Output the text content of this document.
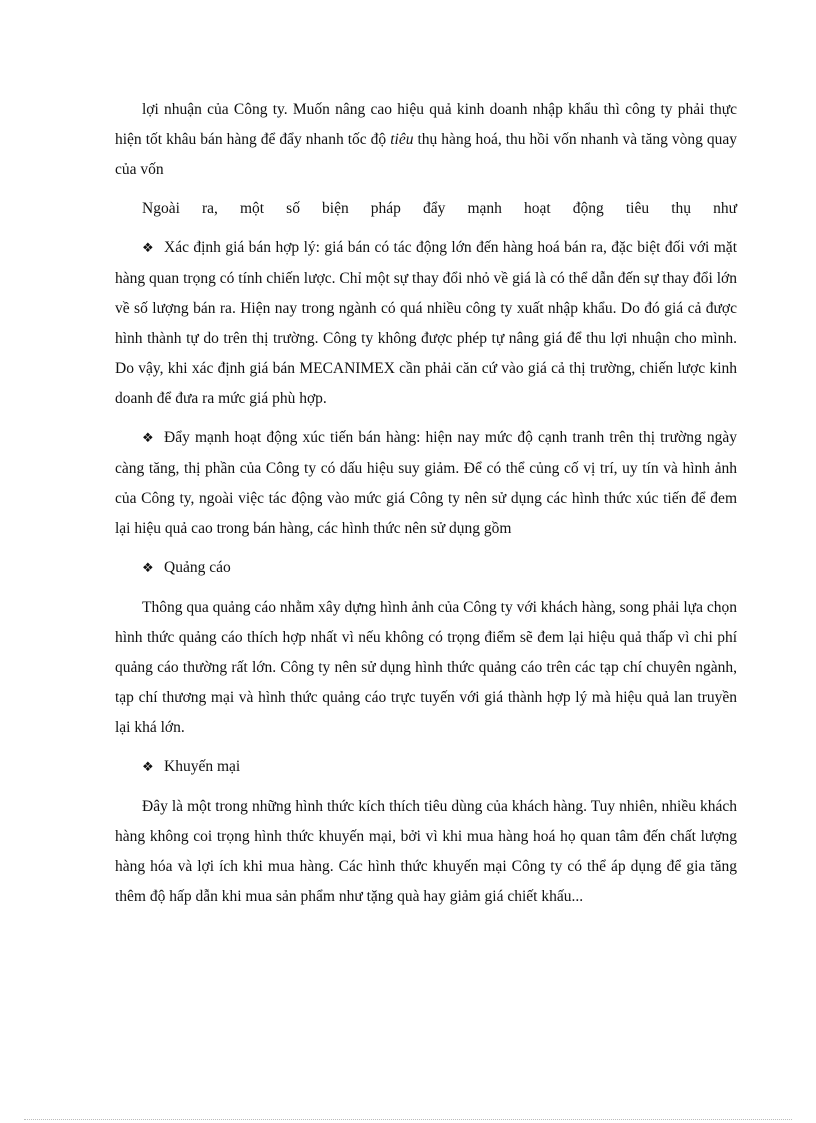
lợi nhuận của Công ty. Muốn nâng cao hiệu quả kinh doanh nhập khẩu thì công ty phải thực hiện tốt khâu bán hàng để đẩy nhanh tốc độ tiêu thụ hàng hoá, thu hồi vốn nhanh và tăng vòng quay của vốn

Ngoài ra, một số biện pháp đẩy mạnh hoạt động tiêu thụ như

❖ Xác định giá bán hợp lý: giá bán có tác động lớn đến hàng hoá bán ra, đặc biệt đối với mặt hàng quan trọng có tính chiến lược. Chỉ một sự thay đổi nhỏ về giá là có thể dẫn đến sự thay đổi lớn về số lượng bán ra. Hiện nay trong ngành có quá nhiều công ty xuất nhập khẩu. Do đó giá cả được hình thành tự do trên thị trường. Công ty không được phép tự nâng giá để thu lợi nhuận cho mình. Do vậy, khi xác định giá bán MECANIMEX cần phải căn cứ vào giá cả thị trường, chiến lược kinh doanh để đưa ra mức giá phù hợp.

❖ Đẩy mạnh hoạt động xúc tiến bán hàng: hiện nay mức độ cạnh tranh trên thị trường ngày càng tăng, thị phần của Công ty có dấu hiệu suy giảm. Để có thể củng cố vị trí, uy tín và hình ảnh của Công ty, ngoài việc tác động vào mức giá Công ty nên sử dụng các hình thức xúc tiến để đem lại hiệu quả cao trong bán hàng, các hình thức nên sử dụng gồm

❖ Quảng cáo

Thông qua quảng cáo nhằm xây dựng hình ảnh của Công ty với khách hàng, song phải lựa chọn hình thức quảng cáo thích hợp nhất vì nếu không có trọng điểm sẽ đem lại hiệu quả thấp vì chi phí quảng cáo thường rất lớn. Công ty nên sử dụng hình thức quảng cáo trên các tạp chí chuyên ngành, tạp chí thương mại và hình thức quảng cáo trực tuyến với giá thành hợp lý mà hiệu quả lan truyền lại khá lớn.

❖ Khuyến mại

Đây là một trong những hình thức kích thích tiêu dùng của khách hàng. Tuy nhiên, nhiều khách hàng không coi trọng hình thức khuyến mại, bởi vì khi mua hàng hoá họ quan tâm đến chất lượng hàng hóa và lợi ích khi mua hàng. Các hình thức khuyến mại Công ty có thể áp dụng để gia tăng thêm độ hấp dẫn khi mua sản phẩm như tặng quà hay giảm giá chiết khấu...
